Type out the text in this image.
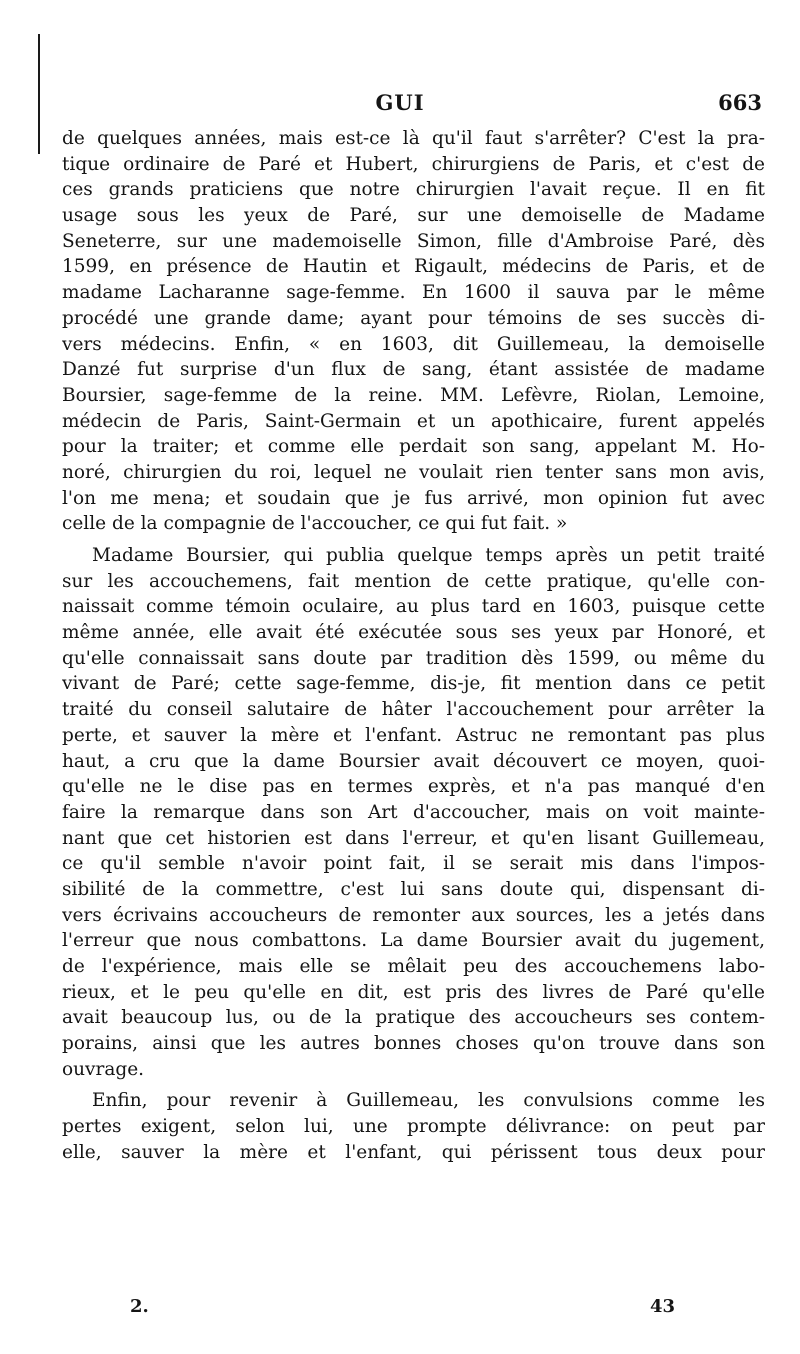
GUI	663
de quelques années, mais est-ce là qu'il faut s'arrêter? C'est la pra-
tique ordinaire de Paré et Hubert, chirurgiens de Paris, et c'est de
ces grands praticiens que notre chirurgien l'avait reçue. Il en fit
usage sous les yeux de Paré, sur une demoiselle de Madame
Seneterre, sur une mademoiselle Simon, fille d'Ambroise Paré, dès
1599, en présence de Hautin et Rigault, médecins de Paris, et de
madame Lacharanne sage-femme. En 1600 il sauva par le même
procédé une grande dame; ayant pour témoins de ses succès di-
vers médecins. Enfin, « en 1603, dit Guillemeau, la demoiselle
Danzé fut surprise d'un flux de sang, étant assistée de madame
Boursier, sage-femme de la reine. MM. Lefèvre, Riolan, Lemoine,
médecin de Paris, Saint-Germain et un apothicaire, furent appelés
pour la traiter; et comme elle perdait son sang, appelant M. Ho-
noré, chirurgien du roi, lequel ne voulait rien tenter sans mon avis,
l'on me mena; et soudain que je fus arrivé, mon opinion fut avec
celle de la compagnie de l'accoucher, ce qui fut fait. »
Madame Boursier, qui publia quelque temps après un petit traité
sur les accouchemens, fait mention de cette pratique, qu'elle con-
naissait comme témoin oculaire, au plus tard en 1603, puisque cette
même année, elle avait été exécutée sous ses yeux par Honoré, et
qu'elle connaissait sans doute par tradition dès 1599, ou même du
vivant de Paré; cette sage-femme, dis-je, fit mention dans ce petit
traité du conseil salutaire de hâter l'accouchement pour arrêter la
perte, et sauver la mère et l'enfant. Astruc ne remontant pas plus
haut, a cru que la dame Boursier avait découvert ce moyen, quoi-
qu'elle ne le dise pas en termes exprès, et n'a pas manqué d'en
faire la remarque dans son Art d'accoucher, mais on voit mainte-
nant que cet historien est dans l'erreur, et qu'en lisant Guillemeau,
ce qu'il semble n'avoir point fait, il se serait mis dans l'impos-
sibilité de la commettre, c'est lui sans doute qui, dispensant di-
vers écrivains accoucheurs de remonter aux sources, les a jetés dans
l'erreur que nous combattons. La dame Boursier avait du jugement,
de l'expérience, mais elle se mêlait peu des accouchemens labo-
rieux, et le peu qu'elle en dit, est pris des livres de Paré qu'elle
avait beaucoup lus, ou de la pratique des accoucheurs ses contem-
porains, ainsi que les autres bonnes choses qu'on trouve dans son
ouvrage.
Enfin, pour revenir à Guillemeau, les convulsions comme les
pertes exigent, selon lui, une prompte délivrance: on peut par
elle, sauver la mère et l'enfant, qui périssent tous deux pour
2.	43
